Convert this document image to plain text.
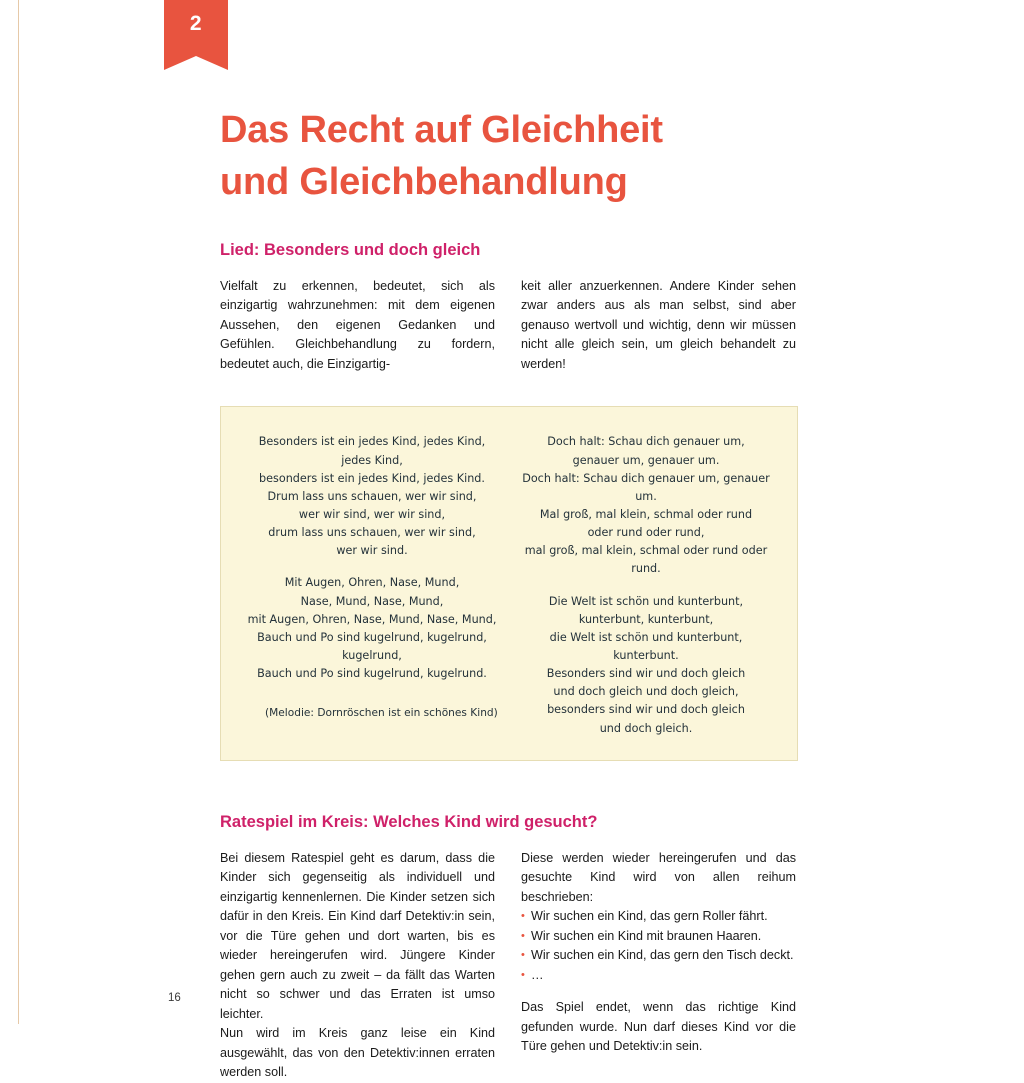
2
Das Recht auf Gleichheit
und Gleichbehandlung
Lied: Besonders und doch gleich

Vielfalt zu erkennen, bedeutet, sich als einzigartig wahrzunehmen: mit dem eigenen Aussehen, den eigenen Gedanken und Gefühlen. Gleichbehandlung zu fordern, bedeutet auch, die Einzigartig-

keit aller anzuerkennen. Andere Kinder sehen zwar anders aus als man selbst, sind aber genauso wertvoll und wichtig, denn wir müssen nicht alle gleich sein, um gleich behandelt zu werden!

Besonders ist ein jedes Kind, jedes Kind, jedes Kind,
besonders ist ein jedes Kind, jedes Kind.
Drum lass uns schauen, wer wir sind,
wer wir sind, wer wir sind,
drum lass uns schauen, wer wir sind,
wer wir sind.
Mit Augen, Ohren, Nase, Mund,
Nase, Mund, Nase, Mund,
mit Augen, Ohren, Nase, Mund, Nase, Mund,
Bauch und Po sind kugelrund, kugelrund, kugelrund,
Bauch und Po sind kugelrund, kugelrund.
(Melodie: Dornröschen ist ein schönes Kind)
Doch halt: Schau dich genauer um,
genauer um, genauer um.
Doch halt: Schau dich genauer um, genauer um.
Mal groß, mal klein, schmal oder rund
oder rund oder rund,
mal groß, mal klein, schmal oder rund oder rund.
Die Welt ist schön und kunterbunt,
kunterbunt, kunterbunt,
die Welt ist schön und kunterbunt, kunterbunt.
Besonders sind wir und doch gleich
und doch gleich und doch gleich,
besonders sind wir und doch gleich
und doch gleich.
Ratespiel im Kreis: Welches Kind wird gesucht?

Bei diesem Ratespiel geht es darum, dass die Kinder sich gegenseitig als individuell und einzigartig kennenlernen. Die Kinder setzen sich dafür in den Kreis. Ein Kind darf Detektiv:in sein, vor die Türe gehen und dort warten, bis es wieder hereingerufen wird. Jüngere Kinder gehen gern auch zu zweit – da fällt das Warten nicht so schwer und das Erraten ist umso leichter.

Nun wird im Kreis ganz leise ein Kind ausgewählt, das von den Detektiv:innen erraten werden soll.

Diese werden wieder hereingerufen und das gesuchte Kind wird von allen reihum beschrieben:

• Wir suchen ein Kind, das gern Roller fährt.
• Wir suchen ein Kind mit braunen Haaren.
• Wir suchen ein Kind, das gern den Tisch deckt.
• …

Das Spiel endet, wenn das richtige Kind gefunden wurde. Nun darf dieses Kind vor die Türe gehen und Detektiv:in sein.

16
